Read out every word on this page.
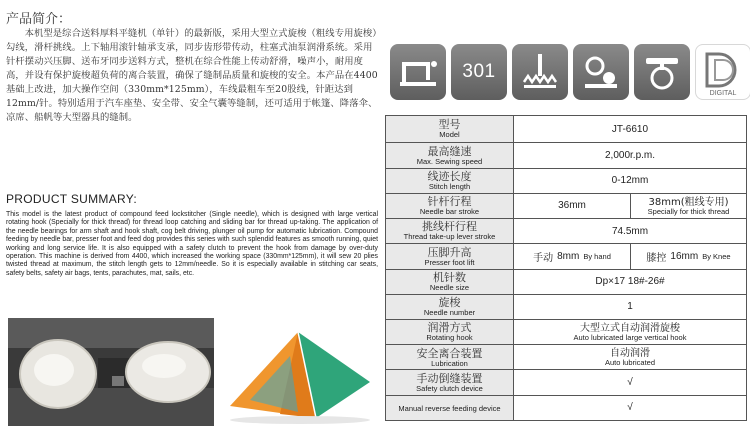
产品简介：
本机型是综合送料厚料平缝机（单针）的最新版，采用大型立式旋梭（粗线专用旋梭）勾线，滑杆挑线。上下轴用滚针轴承支承，同步齿形带传动，柱塞式油泵润滑系统。采用针杆摆动兴压脚、送布牙同步送料方式，整机在综合性能上传动舒滑，噪声小，耐用度高，并设有保护旋梭超负荷的离合装置，确保了缝制品质量和旋梭的安全。本产品在4400基础上改进，加大操作空间（330mm*125mm），车线最粗车至20股线，针距达到12mm/针。特别适用于汽车座垫、安全带、安全气囊等缝制，还可适用于帐篷、降落伞、凉席、船帆等大型器具的缝制。
PRODUCT SUMMARY:
This model is the latest product of compound feed lockstitcher (Single needle), which is designed with large vertical rotating hook (Specially for thick thread) for thread loop catching and sliding bar for thread up-taking. The application of the needle bearings for arm shaft and hook shaft, cog belt driving, plunger oil pump for automatic lubrication. Compound feeding by needle bar, presser foot and feed dog provides this series with such splendid features as smooth running, quiet working and long service life. It is also equipped with a safety clutch to prevent the hook from damage by over-duty operation. This machine is derived from 4400, which increased the working space (330mm*125mm), it will sew 20 plies twisted thread at maximum, the stitch length gets to 12mm/needle. So it is especially available in stitching car seats, safety belts, safety air bags, tents, parachutes, mat, sails, etc.
301
DIGITAL
型号
Model	JT-6610	

最高缝速
Max. Sewing speed	2,000r.p.m.	

线迹长度
Stitch length	0-12mm	

针杆行程
Needle bar stroke	36mm	38mm(粗线专用)
Specially for thick thread

挑线杆行程
Thread take-up lever stroke	74.5mm	

压脚升高
Presser foot lift	手动 8mm By hand	膝控 16mm By Knee

机针数
Needle size	Dp×17 18#-26#	

旋梭
Needle number	1	

润滑方式
Rotating hook	大型立式自动润滑旋梭
Auto lubricated large vertical hook	

安全离合装置
Lubrication	自动润滑
Auto lubricated	

手动倒缝装置
Safety clutch device	√	

Manual reverse feeding device	√	
